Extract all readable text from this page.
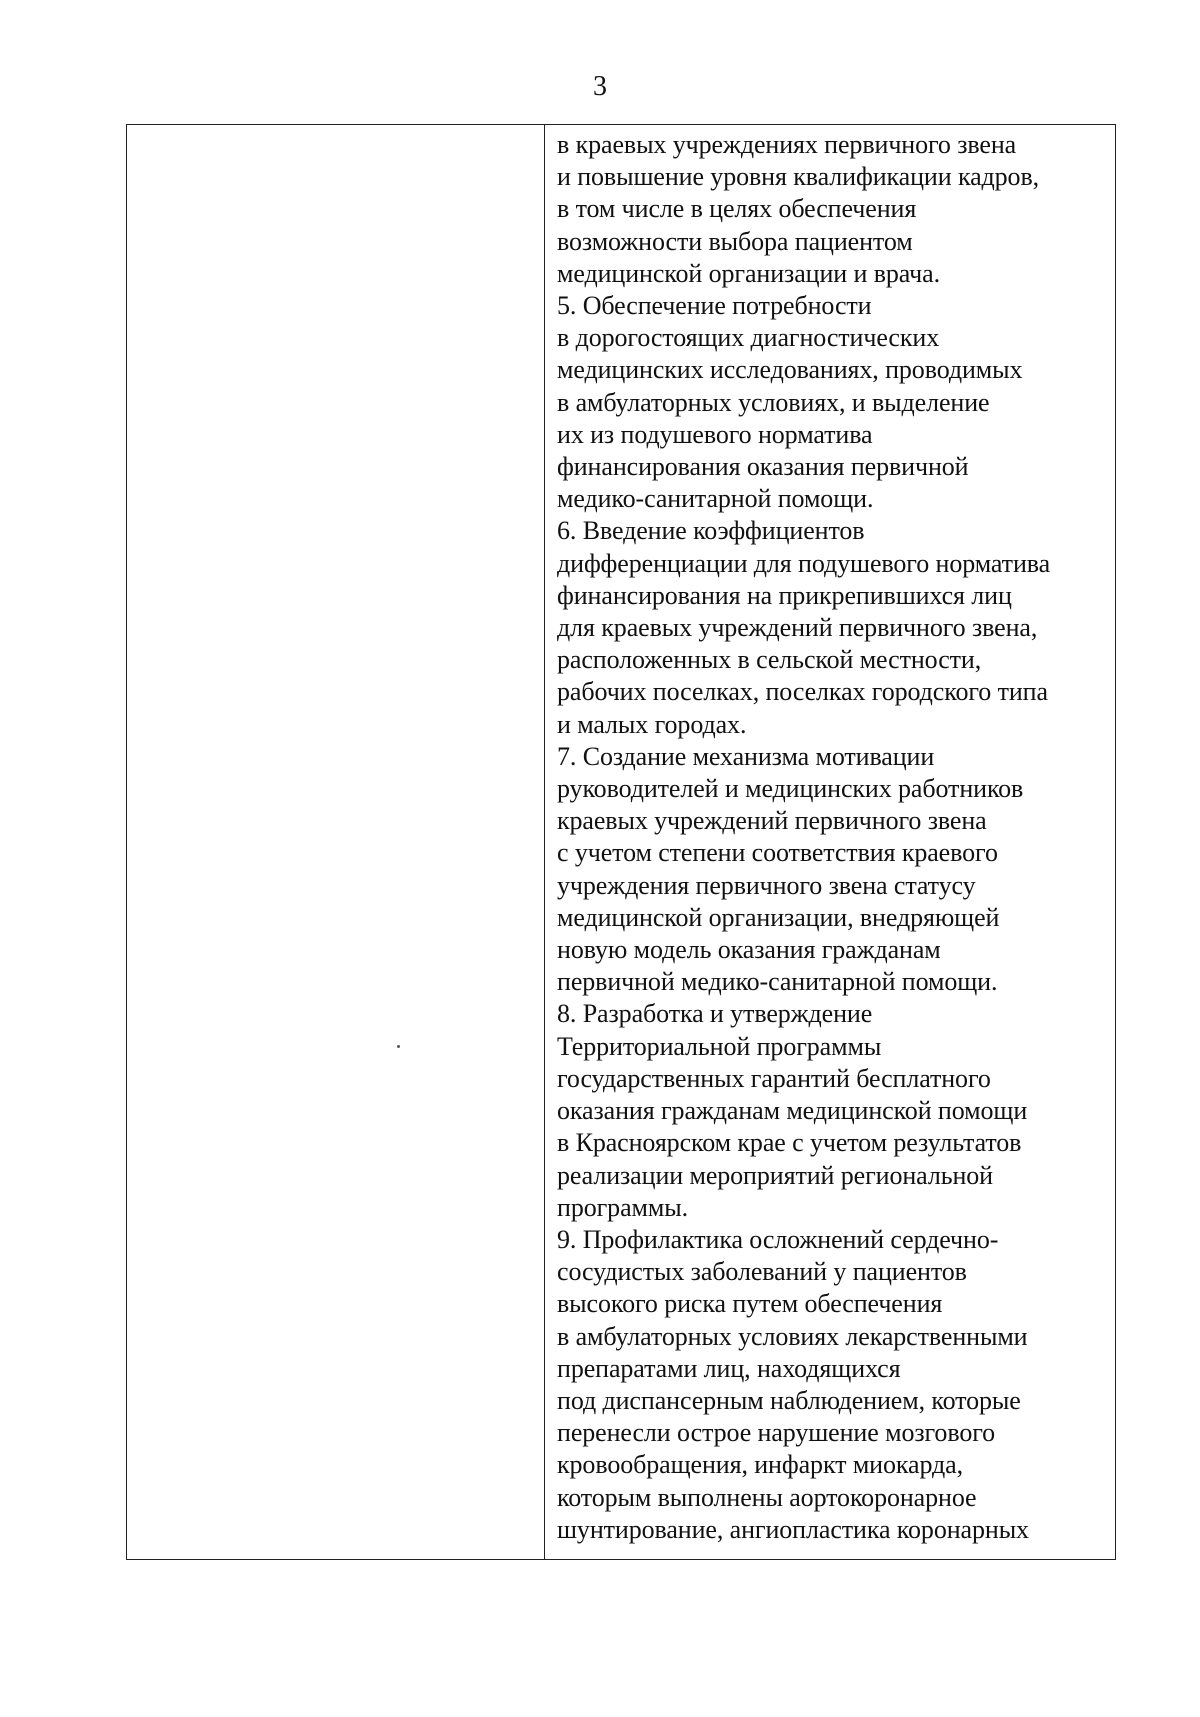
3
в краевых учреждениях первичного звена
и повышение уровня квалификации кадров,
в том числе в целях обеспечения
возможности выбора пациентом
медицинской организации и врача.
5. Обеспечение потребности
в дорогостоящих диагностических
медицинских исследованиях, проводимых
в амбулаторных условиях, и выделение
их из подушевого норматива
финансирования оказания первичной
медико-санитарной помощи.
6. Введение коэффициентов
дифференциации для подушевого норматива
финансирования на прикрепившихся лиц
для краевых учреждений первичного звена,
расположенных в сельской местности,
рабочих поселках, поселках городского типа
и малых городах.
7. Создание механизма мотивации
руководителей и медицинских работников
краевых учреждений первичного звена
с учетом степени соответствия краевого
учреждения первичного звена статусу
медицинской организации, внедряющей
новую модель оказания гражданам
первичной медико-санитарной помощи.
8. Разработка и утверждение
Территориальной программы
государственных гарантий бесплатного
оказания гражданам медицинской помощи
в Красноярском крае с учетом результатов
реализации мероприятий региональной
программы.
9. Профилактика осложнений сердечно-
сосудистых заболеваний у пациентов
высокого риска путем обеспечения
в амбулаторных условиях лекарственными
препаратами лиц, находящихся
под диспансерным наблюдением, которые
перенесли острое нарушение мозгового
кровообращения, инфаркт миокарда,
которым выполнены аортокоронарное
шунтирование, ангиопластика коронарных
